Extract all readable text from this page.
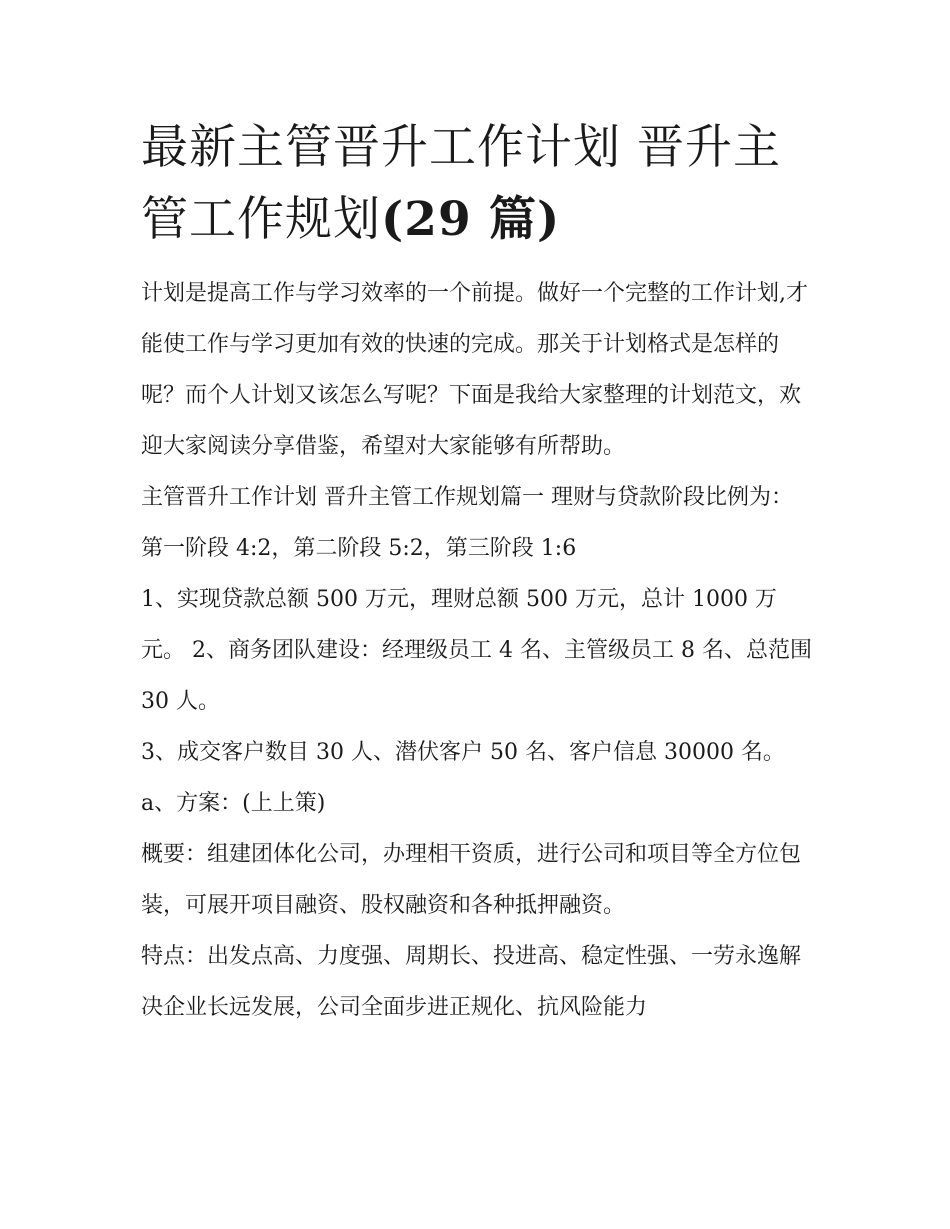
最新主管晋升工作计划 晋升主
管工作规划(29 篇)

计划是提高工作与学习效率的一个前提。做好一个完整的工作计划,才能使工作与学习更加有效的快速的完成。那关于计划格式是怎样的呢？而个人计划又该怎么写呢？下面是我给大家整理的计划范文，欢迎大家阅读分享借鉴，希望对大家能够有所帮助。

主管晋升工作计划 晋升主管工作规划篇一 理财与贷款阶段比例为：第一阶段 4:2，第二阶段 5:2，第三阶段 1:6

1、实现贷款总额 500 万元，理财总额 500 万元，总计 1000 万元。 2、商务团队建设：经理级员工 4 名、主管级员工 8 名、总范围 30 人。

3、成交客户数目 30 人、潜伏客户 50 名、客户信息 30000 名。 a、方案：(上上策)

概要：组建团体化公司，办理相干资质，进行公司和项目等全方位包装，可展开项目融资、股权融资和各种抵押融资。

特点：出发点高、力度强、周期长、投进高、稳定性强、一劳永逸解决企业长远发展，公司全面步进正规化、抗风险能力
